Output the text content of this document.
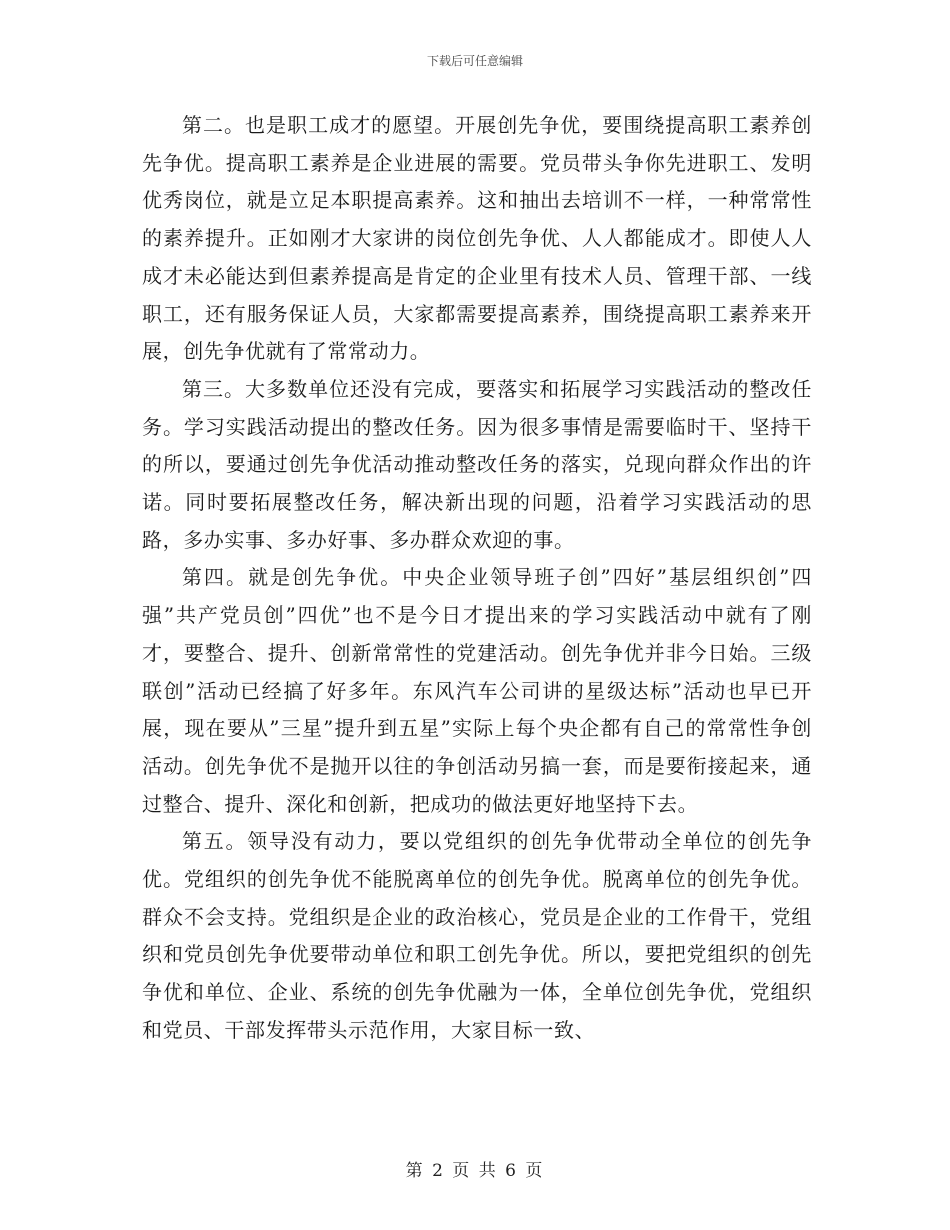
下载后可任意编辑

第二。也是职工成才的愿望。开展创先争优，要围绕提高职工素养创先争优。提高职工素养是企业进展的需要。党员带头争你先进职工、发明优秀岗位，就是立足本职提高素养。这和抽出去培训不一样，一种常常性的素养提升。正如刚才大家讲的岗位创先争优、人人都能成才。即使人人成才未必能达到但素养提高是肯定的企业里有技术人员、管理干部、一线职工，还有服务保证人员，大家都需要提高素养，围绕提高职工素养来开展，创先争优就有了常常动力。

第三。大多数单位还没有完成，要落实和拓展学习实践活动的整改任务。学习实践活动提出的整改任务。因为很多事情是需要临时干、坚持干的所以，要通过创先争优活动推动整改任务的落实，兑现向群众作出的许诺。同时要拓展整改任务，解决新出现的问题，沿着学习实践活动的思路，多办实事、多办好事、多办群众欢迎的事。

第四。就是创先争优。中央企业领导班子创”四好”基层组织创”四强”共产党员创”四优”也不是今日才提出来的学习实践活动中就有了刚才，要整合、提升、创新常常性的党建活动。创先争优并非今日始。三级联创”活动已经搞了好多年。东风汽车公司讲的星级达标”活动也早已开展，现在要从”三星”提升到五星”实际上每个央企都有自己的常常性争创活动。创先争优不是抛开以往的争创活动另搞一套，而是要衔接起来，通过整合、提升、深化和创新，把成功的做法更好地坚持下去。

第五。领导没有动力，要以党组织的创先争优带动全单位的创先争优。党组织的创先争优不能脱离单位的创先争优。脱离单位的创先争优。群众不会支持。党组织是企业的政治核心，党员是企业的工作骨干，党组织和党员创先争优要带动单位和职工创先争优。所以，要把党组织的创先争优和单位、企业、系统的创先争优融为一体，全单位创先争优，党组织和党员、干部发挥带头示范作用，大家目标一致、

第 2 页 共 6 页
